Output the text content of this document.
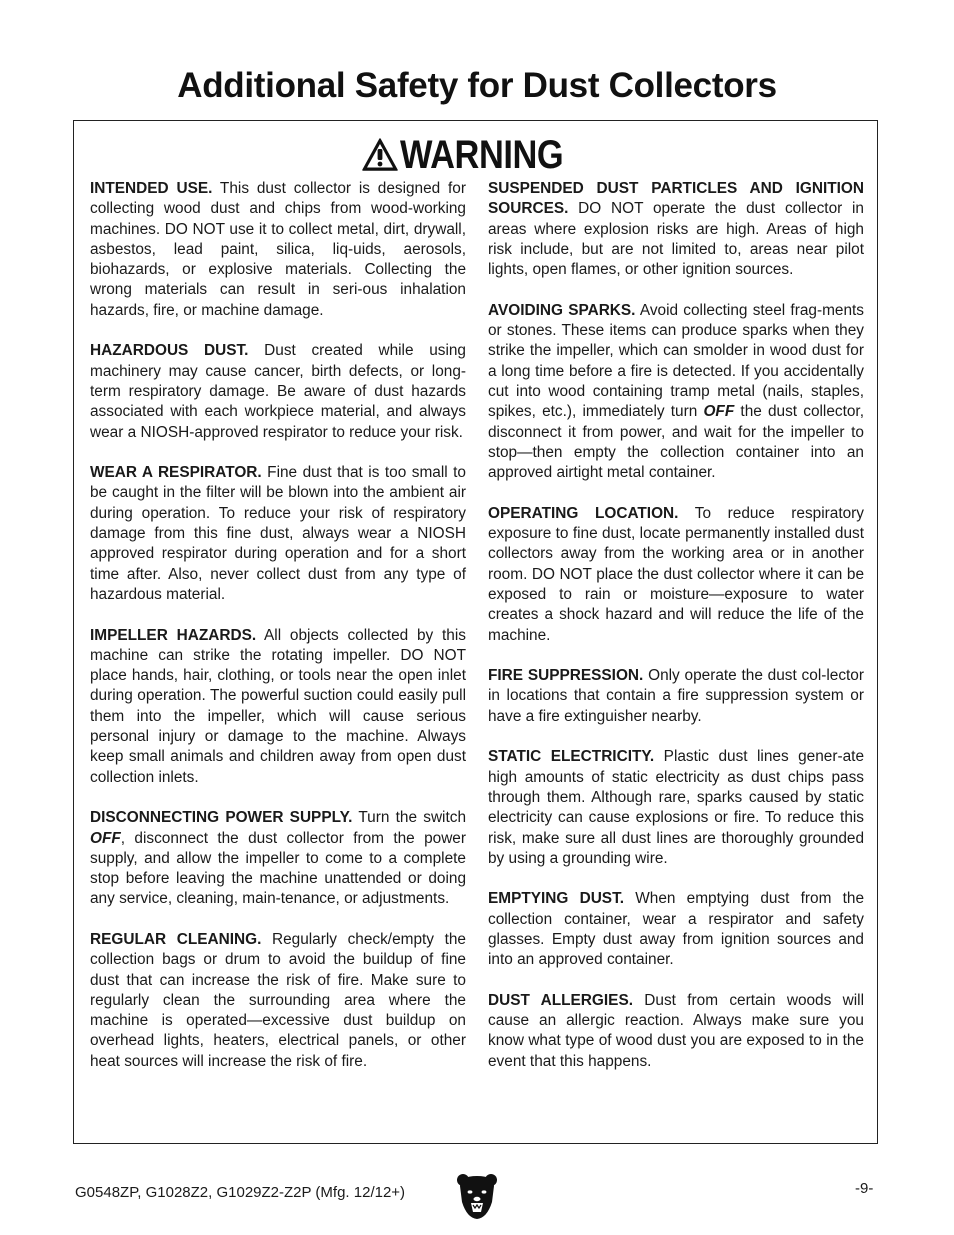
Additional Safety for Dust Collectors
WARNING

INTENDED USE. This dust collector is designed for collecting wood dust and chips from wood-working machines. DO NOT use it to collect metal, dirt, drywall, asbestos, lead paint, silica, liq-uids, aerosols, biohazards, or explosive materials. Collecting the wrong materials can result in seri-ous inhalation hazards, fire, or machine damage.

HAZARDOUS DUST. Dust created while using machinery may cause cancer, birth defects, or long-term respiratory damage. Be aware of dust hazards associated with each workpiece material, and always wear a NIOSH-approved respirator to reduce your risk.

WEAR A RESPIRATOR. Fine dust that is too small to be caught in the filter will be blown into the ambient air during operation. To reduce your risk of respiratory damage from this fine dust, always wear a NIOSH approved respirator during operation and for a short time after. Also, never collect dust from any type of hazardous material.

IMPELLER HAZARDS. All objects collected by this machine can strike the rotating impeller. DO NOT place hands, hair, clothing, or tools near the open inlet during operation. The powerful suction could easily pull them into the impeller, which will cause serious personal injury or damage to the machine. Always keep small animals and children away from open dust collection inlets.

DISCONNECTING POWER SUPPLY. Turn the switch OFF, disconnect the dust collector from the power supply, and allow the impeller to come to a complete stop before leaving the machine unattended or doing any service, cleaning, main-tenance, or adjustments.

REGULAR CLEANING. Regularly check/empty the collection bags or drum to avoid the buildup of fine dust that can increase the risk of fire. Make sure to regularly clean the surrounding area where the machine is operated—excessive dust buildup on overhead lights, heaters, electrical panels, or other heat sources will increase the risk of fire.

SUSPENDED DUST PARTICLES AND IGNITION SOURCES. DO NOT operate the dust collector in areas where explosion risks are high. Areas of high risk include, but are not limited to, areas near pilot lights, open flames, or other ignition sources.

AVOIDING SPARKS. Avoid collecting steel frag-ments or stones. These items can produce sparks when they strike the impeller, which can smolder in wood dust for a long time before a fire is detected. If you accidentally cut into wood containing tramp metal (nails, staples, spikes, etc.), immediately turn OFF the dust collector, disconnect it from power, and wait for the impeller to stop—then empty the collection container into an approved airtight metal container.

OPERATING LOCATION. To reduce respiratory exposure to fine dust, locate permanently installed dust collectors away from the working area or in another room. DO NOT place the dust collector where it can be exposed to rain or moisture—exposure to water creates a shock hazard and will reduce the life of the machine.

FIRE SUPPRESSION. Only operate the dust col-lector in locations that contain a fire suppression system or have a fire extinguisher nearby.

STATIC ELECTRICITY. Plastic dust lines gener-ate high amounts of static electricity as dust chips pass through them. Although rare, sparks caused by static electricity can cause explosions or fire. To reduce this risk, make sure all dust lines are thoroughly grounded by using a grounding wire.

EMPTYING DUST. When emptying dust from the collection container, wear a respirator and safety glasses. Empty dust away from ignition sources and into an approved container.

DUST ALLERGIES. Dust from certain woods will cause an allergic reaction. Always make sure you know what type of wood dust you are exposed to in the event that this happens.

G0548ZP, G1028Z2, G1029Z2-Z2P (Mfg. 12/12+)	-9-
